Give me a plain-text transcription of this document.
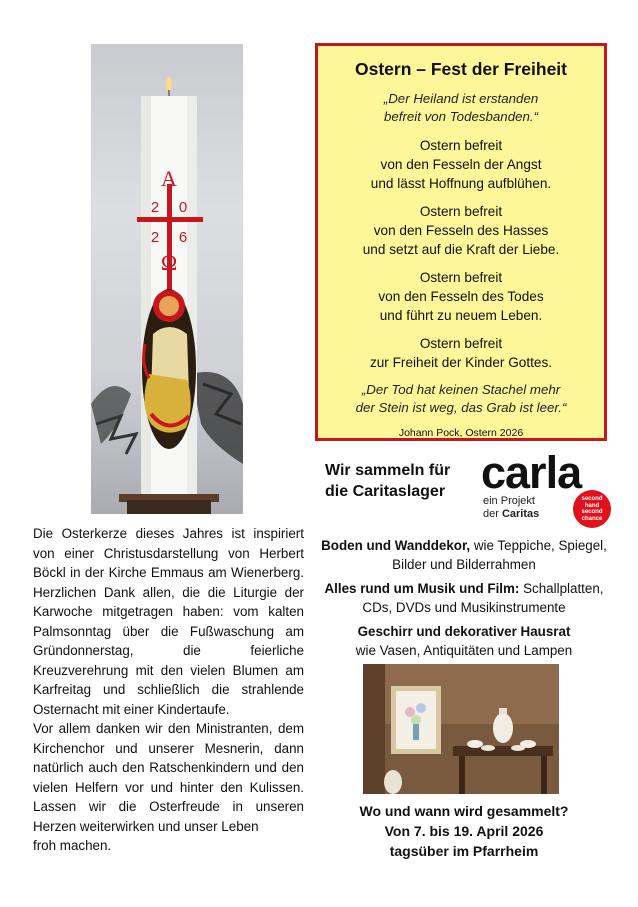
Α
2 0
2 6
Ω

Die Osterkerze dieses Jahres ist inspiriert von einer Christusdarstellung von Herbert Böckl in der Kirche Emmaus am Wienerberg. Herzlichen Dank allen, die die Liturgie der Karwoche mitgetragen haben: vom kalten Palmsonntag über die Fußwaschung am Gründonnerstag, die feierliche Kreuzverehrung mit den vielen Blumen am Karfreitag und schließlich die strahlende Osternacht mit einer Kindertaufe.

Vor allem danken wir den Ministranten, dem Kirchenchor und unserer Mesnerin, dann natürlich auch den Ratschenkindern und den vielen Helfern vor und hinter den Kulissen. Lassen wir die Osterfreude in unseren Herzen weiterwirken und unser Leben

froh machen.

Ostern – Fest der Freiheit
„Der Heiland ist erstanden
befreit von Todesbanden.“
Ostern befreit
von den Fesseln der Angst
und lässt Hoffnung aufblühen.
Ostern befreit
von den Fesseln des Hasses
und setzt auf die Kraft der Liebe.
Ostern befreit
von den Fesseln des Todes
und führt zu neuem Leben.
Ostern befreit
zur Freiheit der Kinder Gottes.
„Der Tod hat keinen Stachel mehr
der Stein ist weg, das Grab ist leer.“
Johann Pock, Ostern 2026
Wir sammeln für
die Caritaslager carla
ein Projekt
der Caritas
second
hand
second
chance
Boden und Wanddekor, wie Teppiche, Spiegel, Bilder und Bilderrahmen
Alles rund um Musik und Film: Schallplatten, CDs, DVDs und Musikinstrumente
Geschirr und dekorativer Hausrat
wie Vasen, Antiquitäten und Lampen
Wo und wann wird gesammelt?
Von 7. bis 19. April 2026
tagsüber im Pfarrheim
